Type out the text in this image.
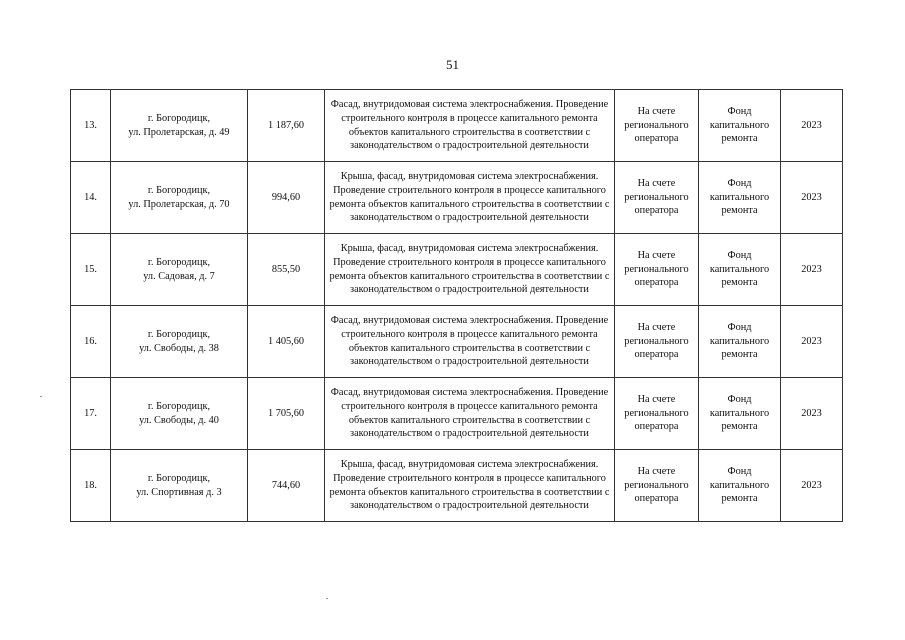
51
13.	г. Богородицк,
ул. Пролетарская, д. 49	1 187,60	Фасад, внутридомовая система электроснабжения. Проведение строительного контроля в процессе капитального ремонта объектов капитального строительства в соответствии с законодательством о градостроительной деятельности	На счете регионального оператора	Фонд капитального ремонта	2023
14.	г. Богородицк,
ул. Пролетарская, д. 70	994,60	Крыша, фасад, внутридомовая система электроснабжения. Проведение строительного контроля в процессе капитального ремонта объектов капитального строительства в соответствии с законодательством о градостроительной деятельности	На счете регионального оператора	Фонд капитального ремонта	2023
15.	г. Богородицк,
ул. Садовая, д. 7	855,50	Крыша, фасад, внутридомовая система электроснабжения. Проведение строительного контроля в процессе капитального ремонта объектов капитального строительства в соответствии с законодательством о градостроительной деятельности	На счете регионального оператора	Фонд капитального ремонта	2023
16.	г. Богородицк,
ул. Свободы, д. 38	1 405,60	Фасад, внутридомовая система электроснабжения. Проведение строительного контроля в процессе капитального ремонта объектов капитального строительства в соответствии с законодательством о градостроительной деятельности	На счете регионального оператора	Фонд капитального ремонта	2023
17.	г. Богородицк,
ул. Свободы, д. 40	1 705,60	Фасад, внутридомовая система электроснабжения. Проведение строительного контроля в процессе капитального ремонта объектов капитального строительства в соответствии с законодательством о градостроительной деятельности	На счете регионального оператора	Фонд капитального ремонта	2023
18.	г. Богородицк,
ул. Спортивная д. 3	744,60	Крыша, фасад, внутридомовая система электроснабжения. Проведение строительного контроля в процессе капитального ремонта объектов капитального строительства в соответствии с законодательством о градостроительной деятельности	На счете регионального оператора	Фонд капитального ремонта	2023
